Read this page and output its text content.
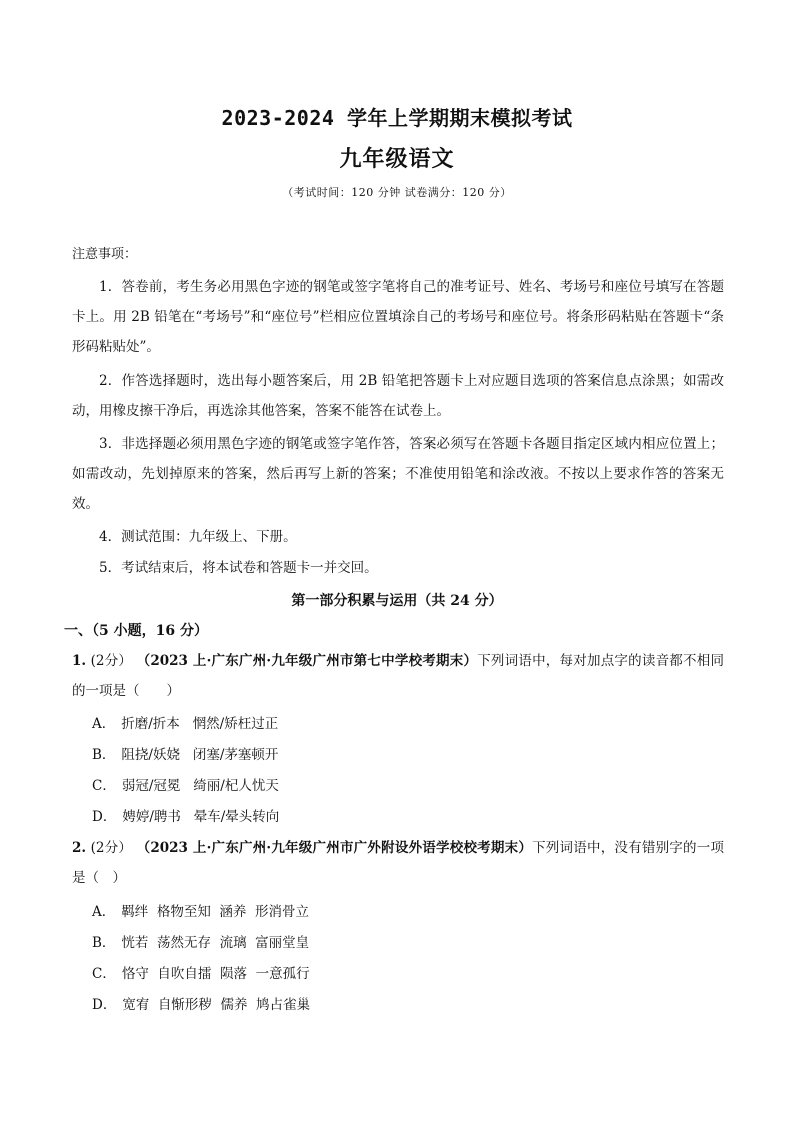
2023-2024 学年上学期期末模拟考试
九年级语文
（考试时间：120 分钟 试卷满分：120 分）
注意事项：
1．答卷前，考生务必用黑色字迹的钢笔或签字笔将自己的准考证号、姓名、考场号和座位号填写在答题卡上。用 2B 铅笔在“考场号”和“座位号”栏相应位置填涂自己的考场号和座位号。将条形码粘贴在答题卡“条形码粘贴处”。
2．作答选择题时，选出每小题答案后，用 2B 铅笔把答题卡上对应题目选项的答案信息点涂黑；如需改动，用橡皮擦干净后，再选涂其他答案，答案不能答在试卷上。
3．非选择题必须用黑色字迹的钢笔或签字笔作答，答案必须写在答题卡各题目指定区域内相应位置上；如需改动，先划掉原来的答案，然后再写上新的答案；不准使用铅笔和涂改液。不按以上要求作答的答案无效。
4．测试范围：九年级上、下册。
5．考试结束后，将本试卷和答题卡一并交回。
第一部分积累与运用（共 24 分）
一、（5 小题，16 分）
1. (2分） （2023 上·广东广州·九年级广州市第七中学校考期末）下列词语中，每对加点字的读音都不相同的一项是（　　）
A． 折磨/折本   惘然/矫枉过正
B． 阻挠/妖娆   闭塞/茅塞顿开
C． 弱冠/冠冕   绮丽/杞人忧天
D． 娉婷/聘书   晕车/晕头转向
2. (2分） （2023 上·广东广州·九年级广州市广外附设外语学校校考期末）下列词语中，没有错别字的一项是（　）
A． 羁绊  格物至知  涵养  形消骨立
B． 恍若  荡然无存  流璃  富丽堂皇
C． 恪守  自吹自擂  陨落  一意孤行
D． 宽宥  自惭形秽  儒养  鸠占雀巢
